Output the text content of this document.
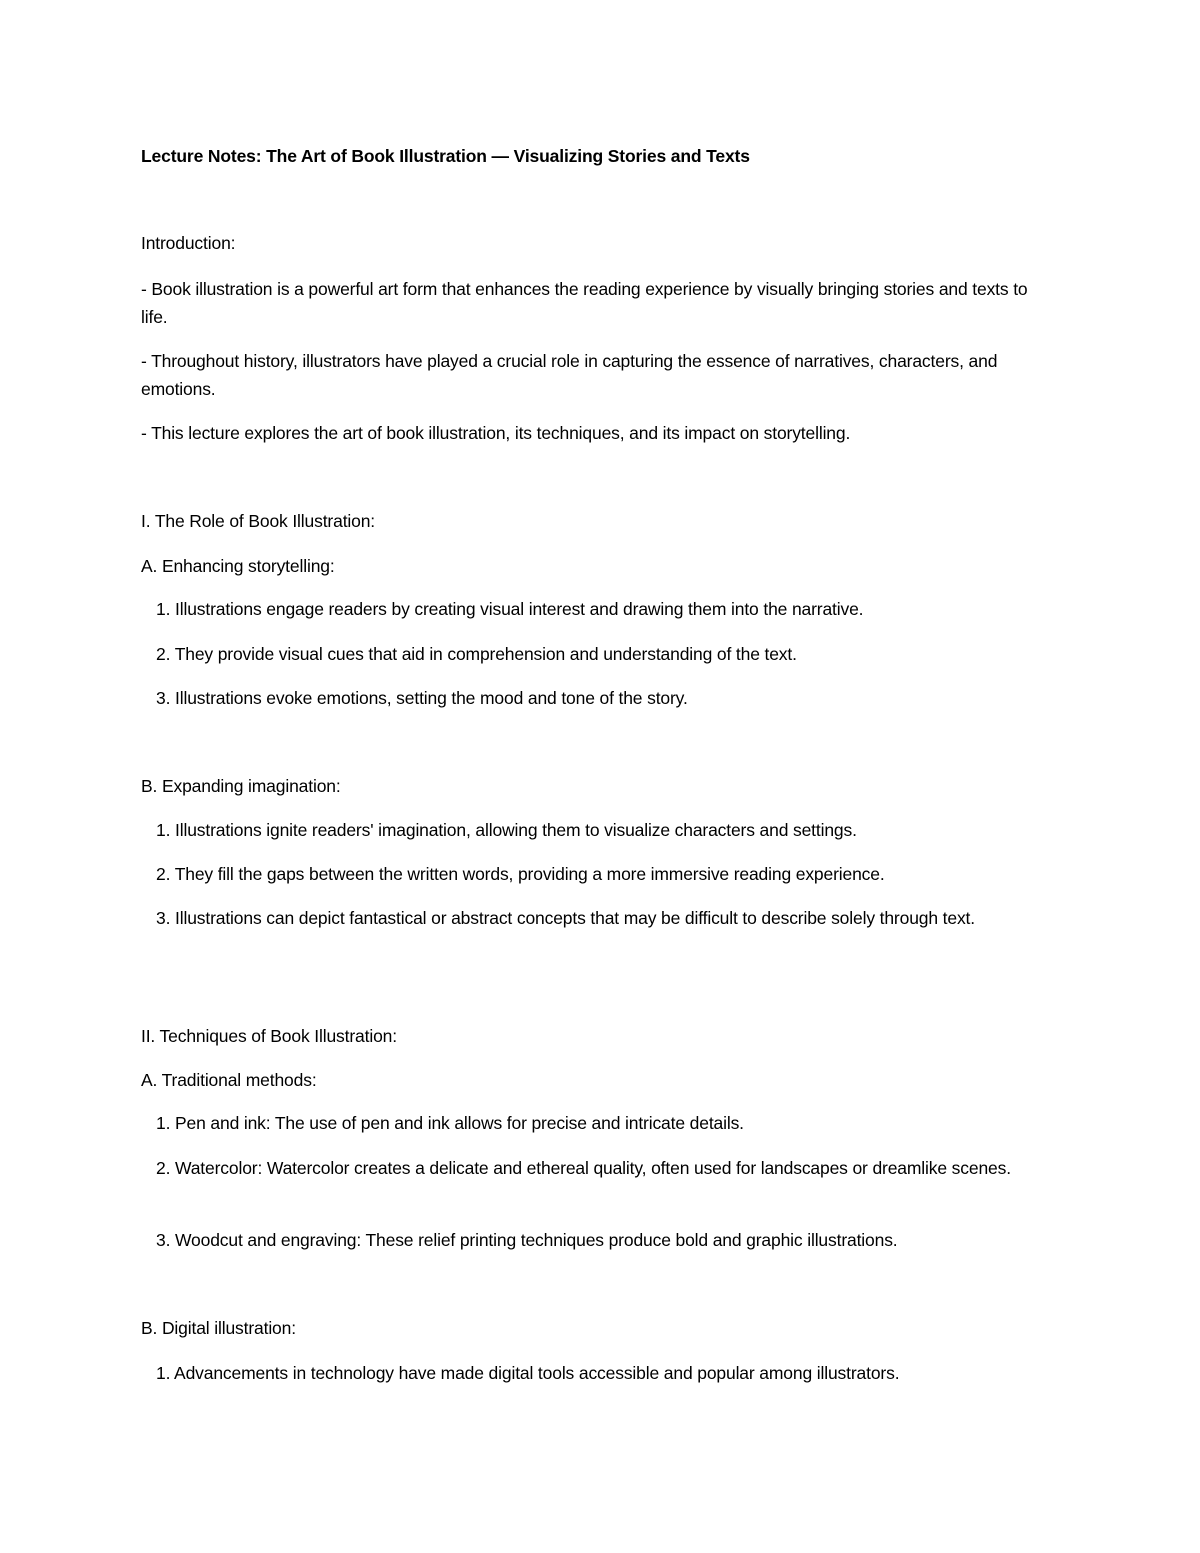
Lecture Notes: The Art of Book Illustration — Visualizing Stories and Texts

Introduction:

- Book illustration is a powerful art form that enhances the reading experience by visually bringing stories and texts to life.

- Throughout history, illustrators have played a crucial role in capturing the essence of narratives, characters, and emotions.

- This lecture explores the art of book illustration, its techniques, and its impact on storytelling.

I. The Role of Book Illustration:

A. Enhancing storytelling:

1. Illustrations engage readers by creating visual interest and drawing them into the narrative.

2. They provide visual cues that aid in comprehension and understanding of the text.

3. Illustrations evoke emotions, setting the mood and tone of the story.

B. Expanding imagination:

1. Illustrations ignite readers' imagination, allowing them to visualize characters and settings.

2. They fill the gaps between the written words, providing a more immersive reading experience.

3. Illustrations can depict fantastical or abstract concepts that may be difficult to describe solely through text.

II. Techniques of Book Illustration:

A. Traditional methods:

1. Pen and ink: The use of pen and ink allows for precise and intricate details.

2. Watercolor: Watercolor creates a delicate and ethereal quality, often used for landscapes or dreamlike scenes.

3. Woodcut and engraving: These relief printing techniques produce bold and graphic illustrations.

B. Digital illustration:

1. Advancements in technology have made digital tools accessible and popular among illustrators.
